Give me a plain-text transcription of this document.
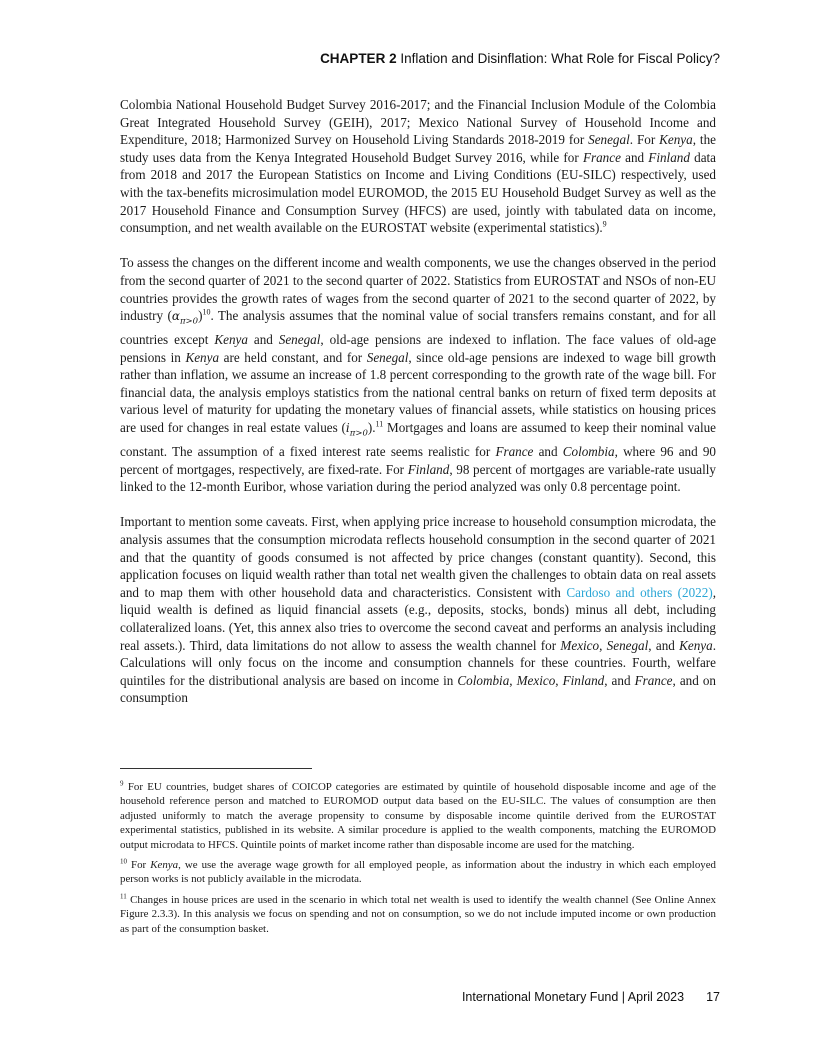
CHAPTER 2 Inflation and Disinflation: What Role for Fiscal Policy?

Colombia National Household Budget Survey 2016-2017; and the Financial Inclusion Module of the Colombia Great Integrated Household Survey (GEIH), 2017; Mexico National Survey of Household Income and Expenditure, 2018; Harmonized Survey on Household Living Standards 2018-2019 for Senegal. For Kenya, the study uses data from the Kenya Integrated Household Budget Survey 2016, while for France and Finland data from 2018 and 2017 the European Statistics on Income and Living Conditions (EU-SILC) respectively, used with the tax-benefits microsimulation model EUROMOD, the 2015 EU Household Budget Survey as well as the 2017 Household Finance and Consumption Survey (HFCS) are used, jointly with tabulated data on income, consumption, and net wealth available on the EUROSTAT website (experimental statistics).$^9$

To assess the changes on the different income and wealth components, we use the changes observed in the period from the second quarter of 2021 to the second quarter of 2022. Statistics from EUROSTAT and NSOs of non-EU countries provides the growth rates of wages from the second quarter of 2021 to the second quarter of 2022, by industry $(\alpha_{\pi>0})^{10}$. The analysis assumes that the nominal value of social transfers remains constant, and for all countries except Kenya and Senegal, old-age pensions are indexed to inflation. The face values of old-age pensions in Kenya are held constant, and for Senegal, since old-age pensions are indexed to wage bill growth rather than inflation, we assume an increase of 1.8 percent corresponding to the growth rate of the wage bill. For financial data, the analysis employs statistics from the national central banks on return of fixed term deposits at various level of maturity for updating the monetary values of financial assets, while statistics on housing prices are used for changes in real estate values $(i_{\pi>0}).^{11}$ Mortgages and loans are assumed to keep their nominal value constant. The assumption of a fixed interest rate seems realistic for France and Colombia, where 96 and 90 percent of mortgages, respectively, are fixed-rate. For Finland, 98 percent of mortgages are variable-rate usually linked to the 12-month Euribor, whose variation during the period analyzed was only 0.8 percentage point.

Important to mention some caveats. First, when applying price increase to household consumption microdata, the analysis assumes that the consumption microdata reflects household consumption in the second quarter of 2021 and that the quantity of goods consumed is not affected by price changes (constant quantity). Second, this application focuses on liquid wealth rather than total net wealth given the challenges to obtain data on real assets and to map them with other household data and characteristics. Consistent with Cardoso and others (2022), liquid wealth is defined as liquid financial assets (e.g., deposits, stocks, bonds) minus all debt, including collateralized loans. (Yet, this annex also tries to overcome the second caveat and performs an analysis including real assets.). Third, data limitations do not allow to assess the wealth channel for Mexico, Senegal, and Kenya. Calculations will only focus on the income and consumption channels for these countries. Fourth, welfare quintiles for the distributional analysis are based on income in Colombia, Mexico, Finland, and France, and on consumption

$^9$ For EU countries, budget shares of COICOP categories are estimated by quintile of household disposable income and age of the household reference person and matched to EUROMOD output data based on the EU-SILC. The values of consumption are then adjusted uniformly to match the average propensity to consume by disposable income quintile derived from the EUROSTAT experimental statistics, published in its website. A similar procedure is applied to the wealth components, matching the EUROMOD output microdata to HFCS. Quintile points of market income rather than disposable income are used for the matching.

$^{10}$ For Kenya, we use the average wage growth for all employed people, as information about the industry in which each employed person works is not publicly available in the microdata.

$^{11}$ Changes in house prices are used in the scenario in which total net wealth is used to identify the wealth channel (See Online Annex Figure 2.3.3). In this analysis we focus on spending and not on consumption, so we do not include imputed income or own production as part of the consumption basket.

International Monetary Fund | April 2023 17
